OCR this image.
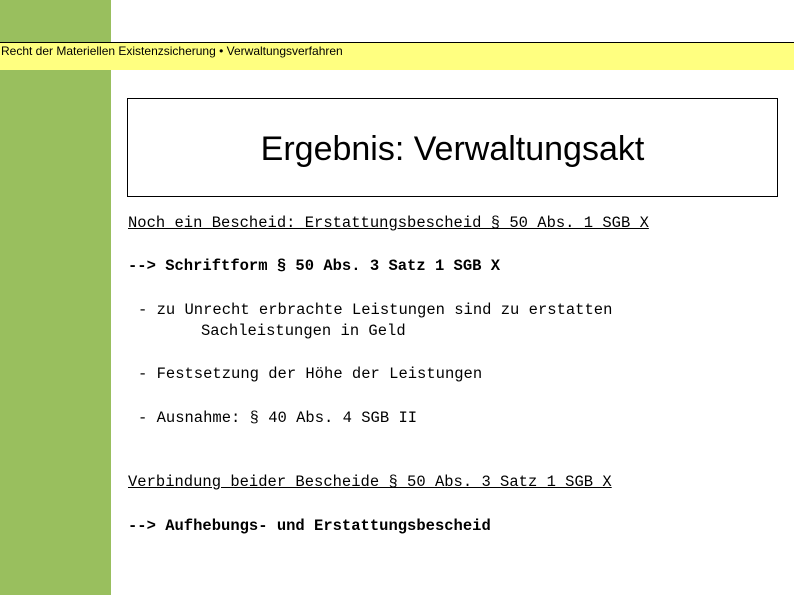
Recht der Materiellen Existenzsicherung • Verwaltungsverfahren
Ergebnis: Verwaltungsakt
Noch ein Bescheid: Erstattungsbescheid § 50 Abs. 1 SGB X
--> Schriftform § 50 Abs. 3 Satz 1 SGB X
- zu Unrecht erbrachte Leistungen sind zu erstatten
Sachleistungen in Geld
- Festsetzung der Höhe der Leistungen
- Ausnahme: § 40 Abs. 4 SGB II
Verbindung beider Bescheide § 50 Abs. 3 Satz 1 SGB X
--> Aufhebungs- und Erstattungsbescheid
